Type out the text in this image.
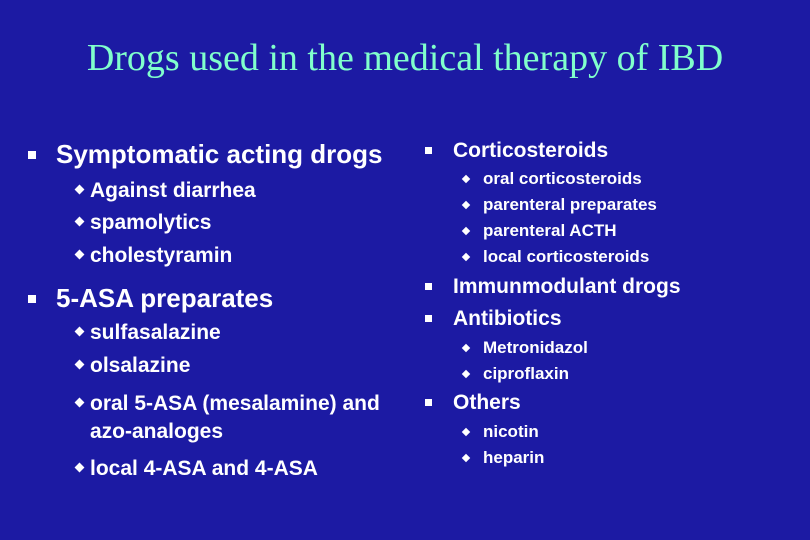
Drogs used in the medical therapy of IBD
Symptomatic acting drogs
Against diarrhea
spamolytics
cholestyramin
5-ASA preparates
sulfasalazine
olsalazine
oral 5-ASA (mesalamine) and
azo-analoges
local 4-ASA and 4-ASA
Corticosteroids
oral corticosteroids
parenteral preparates
parenteral ACTH
local corticosteroids
Immunmodulant drogs
Antibiotics
Metronidazol
ciproflaxin
Others
nicotin
heparin
